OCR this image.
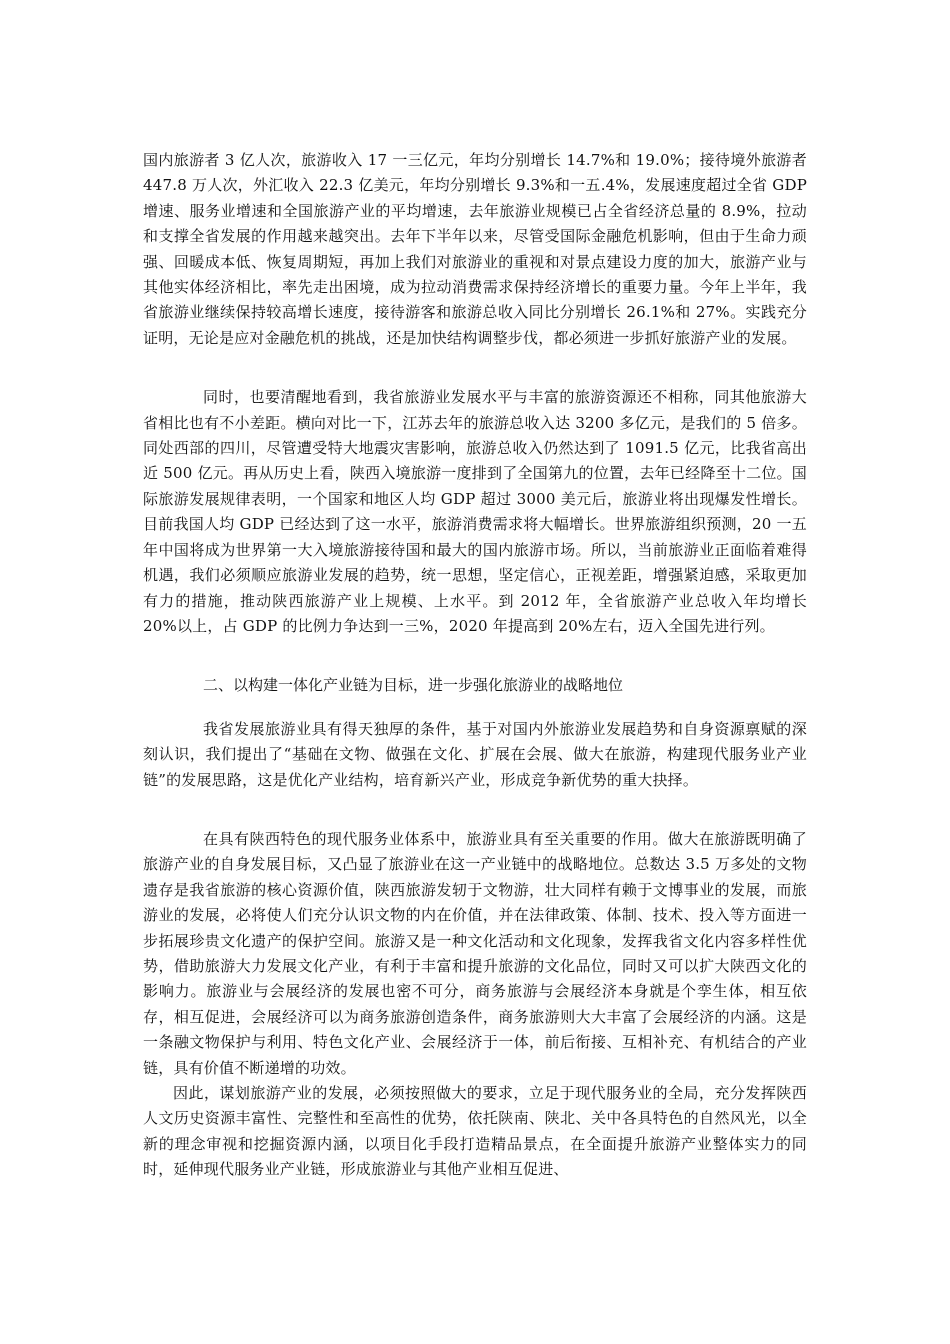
国内旅游者 3 亿人次，旅游收入 17 一三亿元，年均分别增长 14.7%和 19.0%；接待境外旅游者 447.8 万人次，外汇收入 22.3 亿美元，年均分别增长 9.3%和一五.4%，发展速度超过全省 GDP 增速、服务业增速和全国旅游产业的平均增速，去年旅游业规模已占全省经济总量的 8.9%，拉动和支撑全省发展的作用越来越突出。去年下半年以来，尽管受国际金融危机影响，但由于生命力顽强、回暖成本低、恢复周期短，再加上我们对旅游业的重视和对景点建设力度的加大，旅游产业与其他实体经济相比，率先走出困境，成为拉动消费需求保持经济增长的重要力量。今年上半年，我省旅游业继续保持较高增长速度，接待游客和旅游总收入同比分别增长 26.1%和 27%。实践充分证明，无论是应对金融危机的挑战，还是加快结构调整步伐，都必须进一步抓好旅游产业的发展。

同时，也要清醒地看到，我省旅游业发展水平与丰富的旅游资源还不相称，同其他旅游大省相比也有不小差距。横向对比一下，江苏去年的旅游总收入达 3200 多亿元，是我们的 5 倍多。同处西部的四川，尽管遭受特大地震灾害影响，旅游总收入仍然达到了 1091.5 亿元，比我省高出近 500 亿元。再从历史上看，陕西入境旅游一度排到了全国第九的位置，去年已经降至十二位。国际旅游发展规律表明，一个国家和地区人均 GDP 超过 3000 美元后，旅游业将出现爆发性增长。目前我国人均 GDP 已经达到了这一水平，旅游消费需求将大幅增长。世界旅游组织预测，20 一五年中国将成为世界第一大入境旅游接待国和最大的国内旅游市场。所以，当前旅游业正面临着难得机遇，我们必须顺应旅游业发展的趋势，统一思想，坚定信心，正视差距，增强紧迫感，采取更加有力的措施，推动陕西旅游产业上规模、上水平。到 2012 年，全省旅游产业总收入年均增长 20%以上，占 GDP 的比例力争达到一三%，2020 年提高到 20%左右，迈入全国先进行列。

二、以构建一体化产业链为目标，进一步强化旅游业的战略地位

我省发展旅游业具有得天独厚的条件，基于对国内外旅游业发展趋势和自身资源禀赋的深刻认识，我们提出了“基础在文物、做强在文化、扩展在会展、做大在旅游，构建现代服务业产业链”的发展思路，这是优化产业结构，培育新兴产业，形成竞争新优势的重大抉择。

在具有陕西特色的现代服务业体系中，旅游业具有至关重要的作用。做大在旅游既明确了旅游产业的自身发展目标，又凸显了旅游业在这一产业链中的战略地位。总数达 3.5 万多处的文物遗存是我省旅游的核心资源价值，陕西旅游发轫于文物游，壮大同样有赖于文博事业的发展，而旅游业的发展，必将使人们充分认识文物的内在价值，并在法律政策、体制、技术、投入等方面进一步拓展珍贵文化遗产的保护空间。旅游又是一种文化活动和文化现象，发挥我省文化内容多样性优势，借助旅游大力发展文化产业，有利于丰富和提升旅游的文化品位，同时又可以扩大陕西文化的影响力。旅游业与会展经济的发展也密不可分，商务旅游与会展经济本身就是个孪生体，相互依存，相互促进，会展经济可以为商务旅游创造条件，商务旅游则大大丰富了会展经济的内涵。这是一条融文物保护与利用、特色文化产业、会展经济于一体，前后衔接、互相补充、有机结合的产业链，具有价值不断递增的功效。

因此，谋划旅游产业的发展，必须按照做大的要求，立足于现代服务业的全局，充分发挥陕西人文历史资源丰富性、完整性和至高性的优势，依托陕南、陕北、关中各具特色的自然风光，以全新的理念审视和挖掘资源内涵，以项目化手段打造精品景点，在全面提升旅游产业整体实力的同时，延伸现代服务业产业链，形成旅游业与其他产业相互促进、
